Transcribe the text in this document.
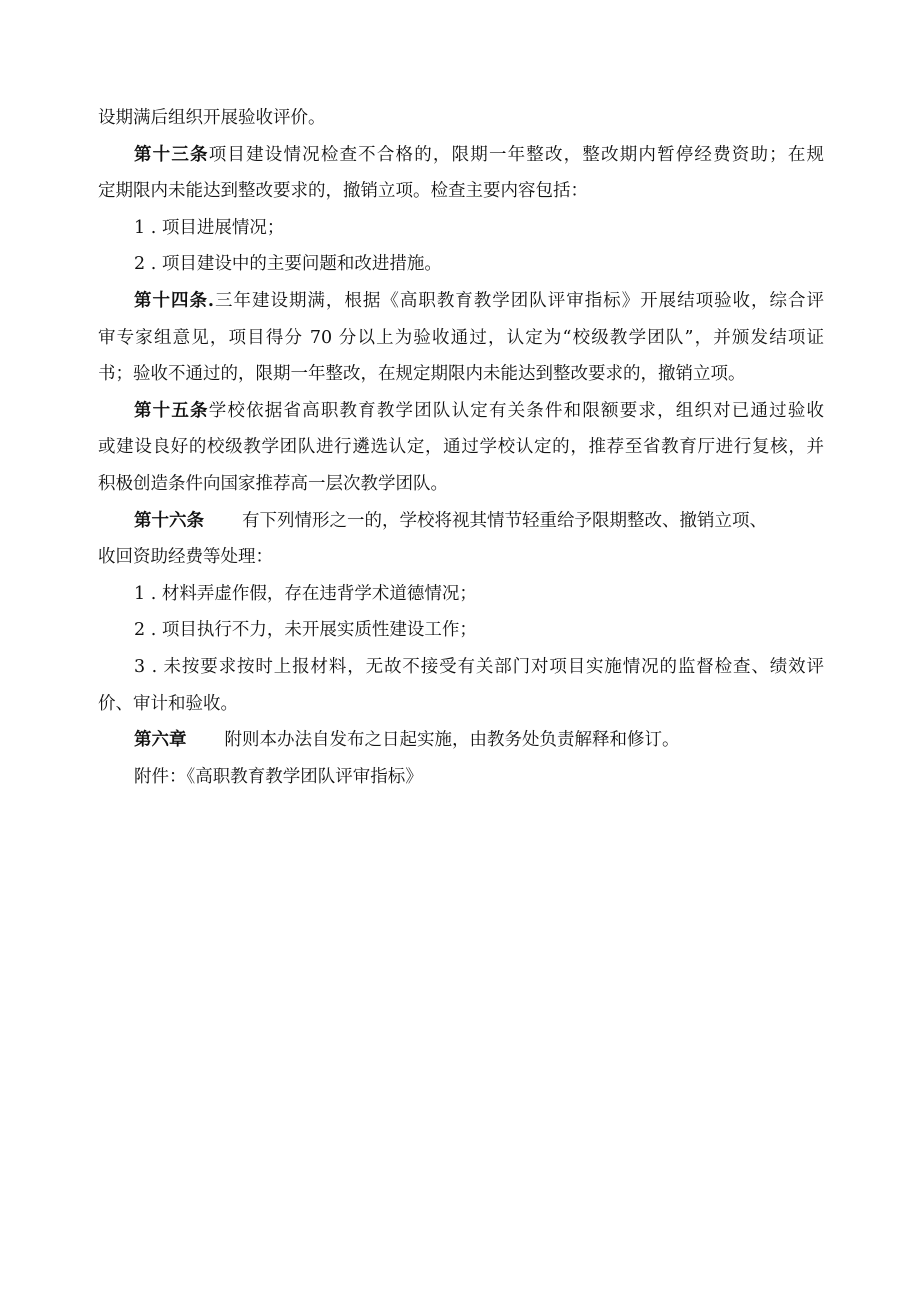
设期满后组织开展验收评价。
第十三条项目建设情况检查不合格的，限期一年整改，整改期内暂停经费资助；在规
定期限内未能达到整改要求的，撤销立项。检查主要内容包括：
1 . 项目进展情况；
2 . 项目建设中的主要问题和改进措施。
第十四条.三年建设期满，根据《高职教育教学团队评审指标》开展结项验收，综合评
审专家组意见，项目得分 70 分以上为验收通过，认定为“校级教学团队”，并颁发结项证
书；验收不通过的，限期一年整改，在规定期限内未能达到整改要求的，撤销立项。
第十五条学校依据省高职教育教学团队认定有关条件和限额要求，组织对已通过验收
或建设良好的校级教学团队进行遴选认定，通过学校认定的，推荐至省教育厅进行复核，并
积极创造条件向国家推荐高一层次教学团队。
第十六条 有下列情形之一的，学校将视其情节轻重给予限期整改、撤销立项、
收回资助经费等处理：
1 . 材料弄虚作假，存在违背学术道德情况；
2 . 项目执行不力，未开展实质性建设工作；
3 . 未按要求按时上报材料，无故不接受有关部门对项目实施情况的监督检查、绩效评
价、审计和验收。
第六章 附则本办法自发布之日起实施，由教务处负责解释和修订。
附件：《高职教育教学团队评审指标》
